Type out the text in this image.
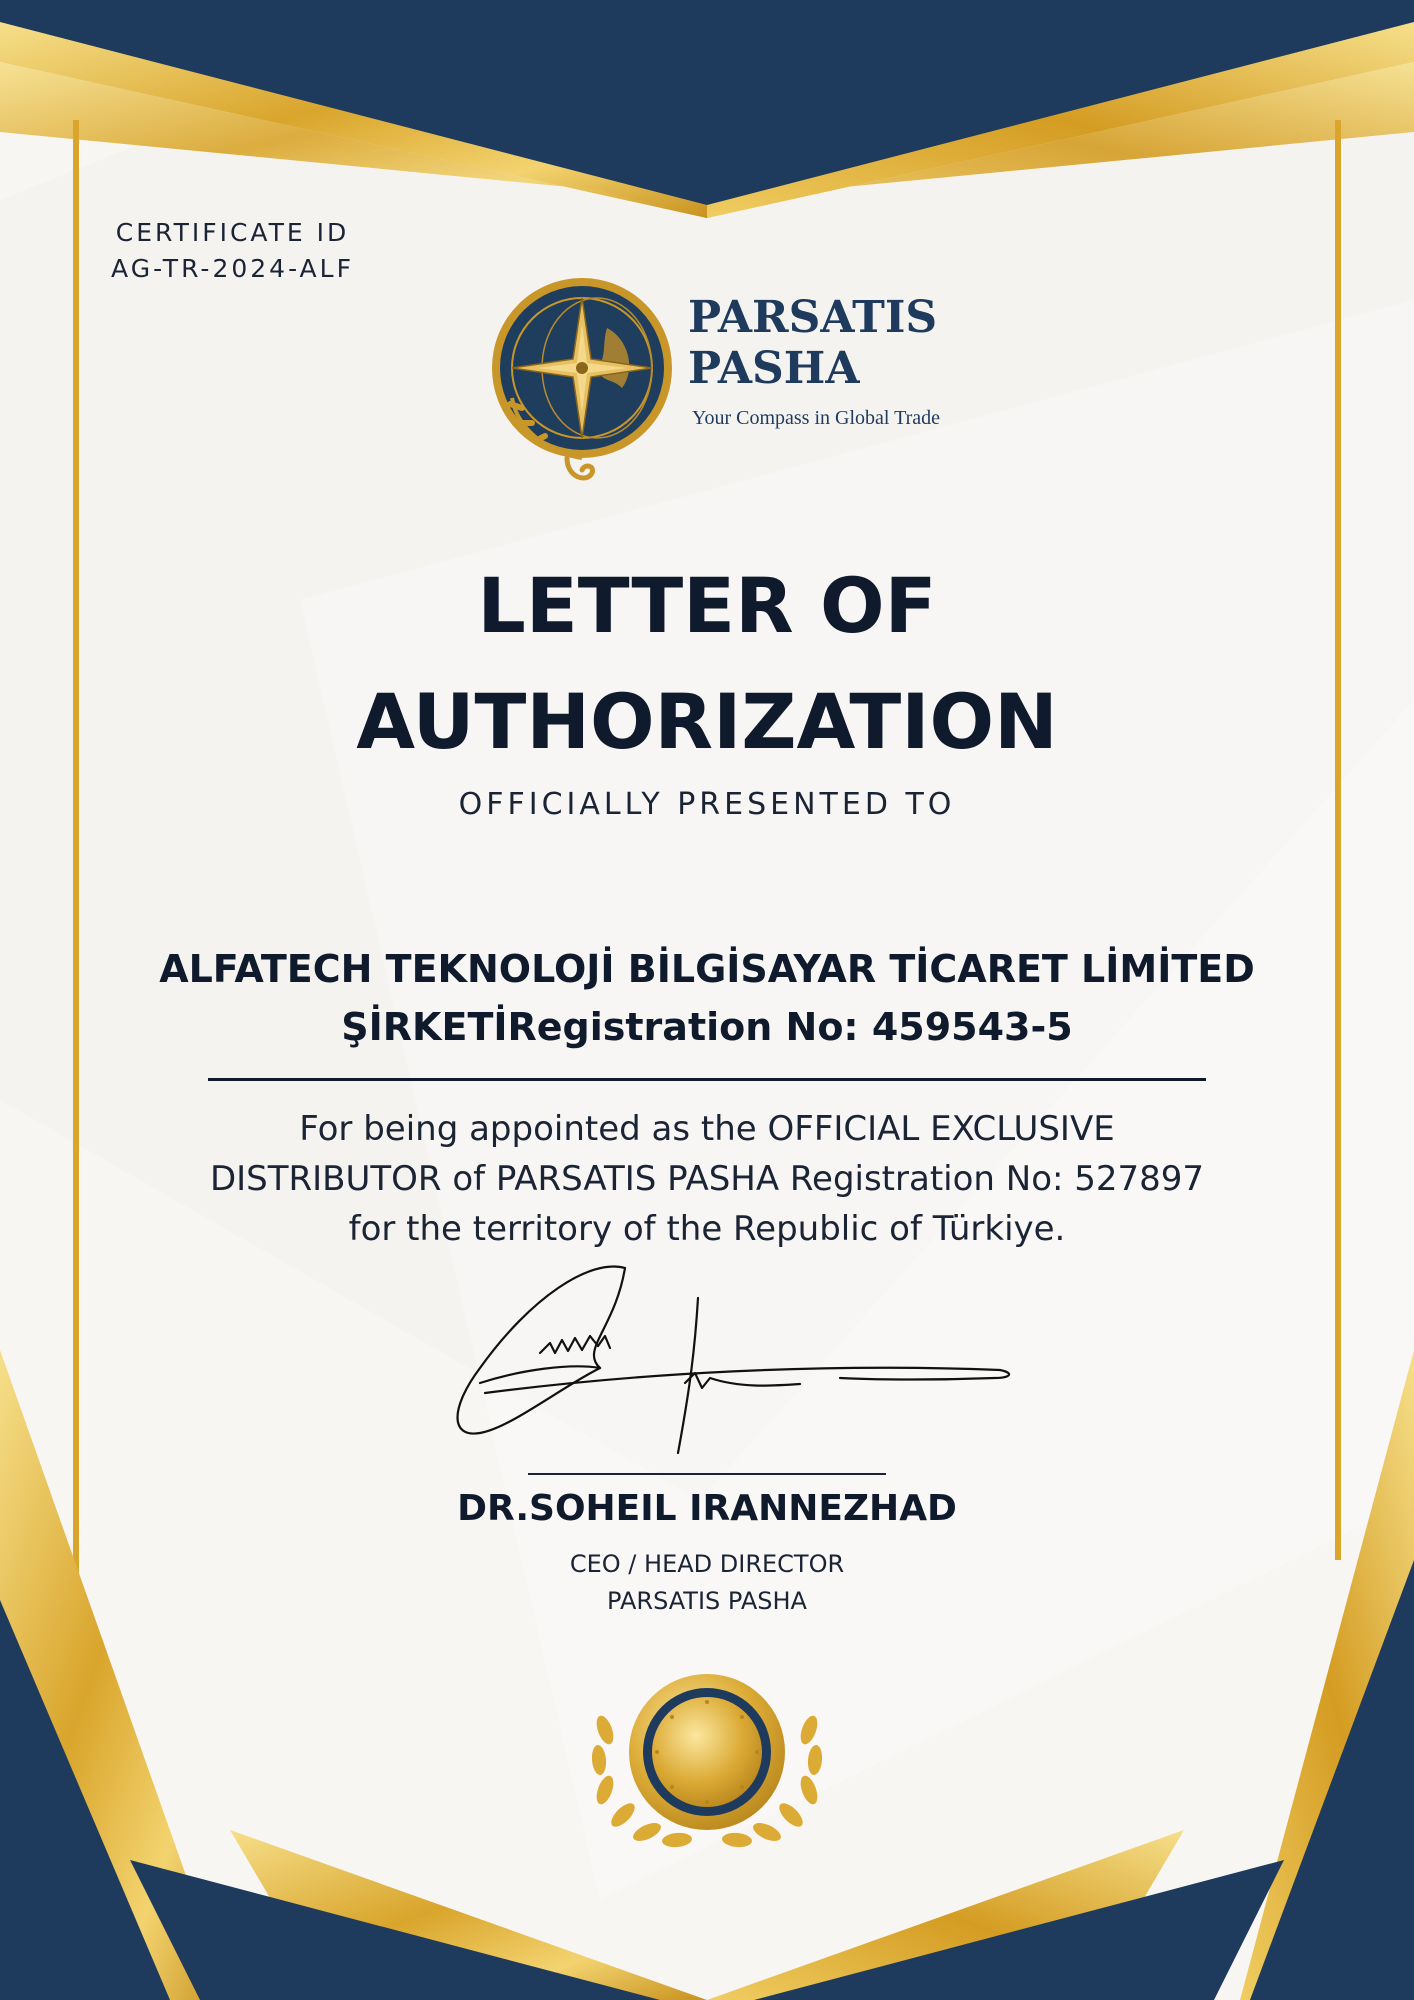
CERTIFICATE ID
AG-TR-2024-ALF
PARSATIS
PASHA
Your Compass in Global Trade
LETTER OF
AUTHORIZATION
OFFICIALLY PRESENTED TO
ALFATECH TEKNOLOJİ BİLGİSAYAR TİCARET LİMİTED
ŞİRKETİRegistration No: 459543-5
For being appointed as the OFFICIAL EXCLUSIVE
DISTRIBUTOR of PARSATIS PASHA Registration No: 527897
for the territory of the Republic of Türkiye.
DR.SOHEIL IRANNEZHAD
CEO / HEAD DIRECTOR
PARSATIS PASHA
